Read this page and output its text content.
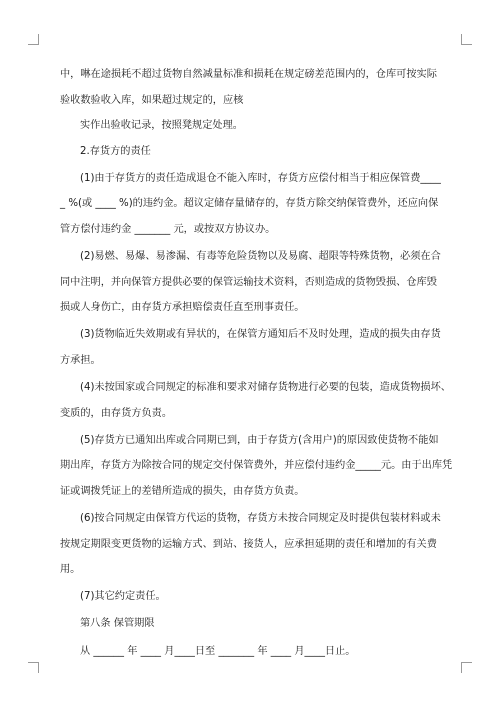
中，啉在途损耗不超过货物自然减量标准和损耗在规定磅差范围内的，仓库可按实际
验收数验收入库，如果超过规定的，应核
实作出验收记录，按照凳规定处理。
2.存货方的责任
(1)由于存货方的责任造成退仓不能入库时，存货方应偿付相当于相应保管费____
_ %(或 ____ %)的违约金。超议定储存量储存的，存货方除交纳保管费外，还应向保
管方偿付违约金 _______ 元，或按双方协议办。
(2)易燃、易爆、易渗漏、有毒等危险货物以及易腐、超限等特殊货物，必须在合
同中注明，并向保管方提供必要的保管运输技术资料，否则造成的货物毁损、仓库毁
损或人身伤亡，由存货方承担赔偿责任直至刑事责任。
(3)货物临近失效期或有异状的，在保管方通知后不及时处理，造成的损失由存货
方承担。
(4)未按国家或合同规定的标准和要求对储存货物进行必要的包装，造成货物损坏、
变质的，由存货方负责。
(5)存货方已通知出库或合同期已到，由于存货方(含用户)的原因致使货物不能如
期出库，存货方为除按合同的规定交付保管费外，并应偿付违约金_____元。由于出库凭
证或调拨凭证上的差错所造成的损失，由存货方负责。
(6)按合同规定由保管方代运的货物，存货方未按合同规定及时提供包装材料或未
按规定期限变更货物的运输方式、到站、接货人，应承担延期的责任和增加的有关费
用。
(7)其它约定责任。
第八条 保管期限
从 ______ 年 ____ 月____日至 _______ 年 ____ 月____日止。
